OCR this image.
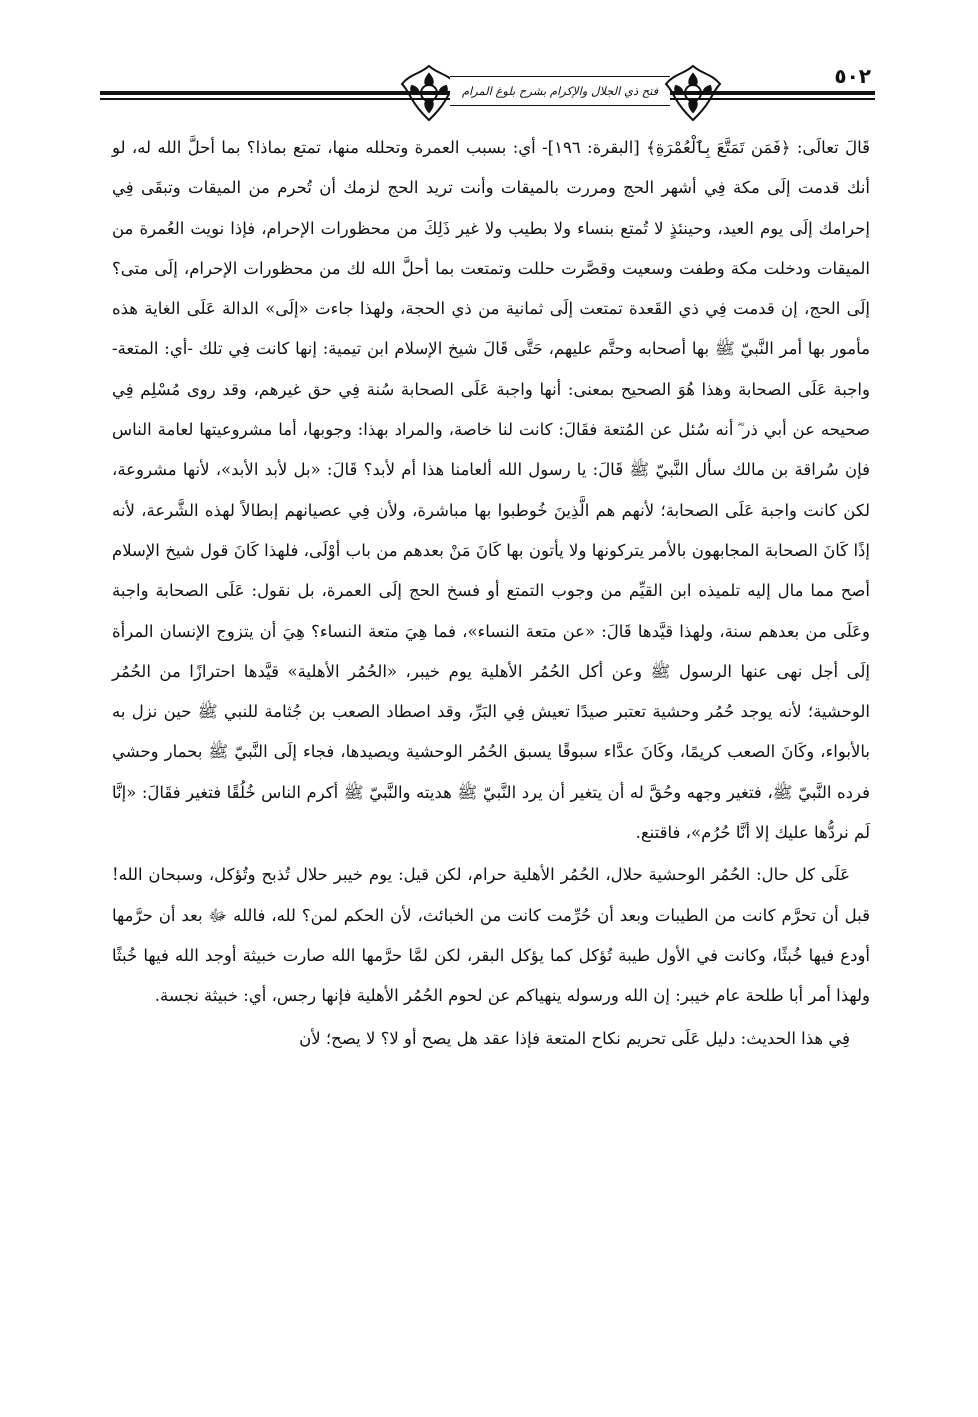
فتح ذي الجلال والإكرام بشرح بلوغ المرام
٥٠٢

قَالَ تعالَى: ﴿فَمَن تَمَتَّعَ بِٱلْعُمْرَةِ﴾ [البقرة: ١٩٦]- أي: بسبب العمرة وتحلله منها، تمتع بماذا؟ بما أحلَّ الله له، لو أنك قدمت إلَى مكة فِي أشهر الحج ومررت بالميقات وأنت تريد الحج لزمك أن تُحرم من الميقات وتبقَى فِي إحرامك إلَى يوم العيد، وحينئذٍ لا تُمتع بنساء ولا بطيب ولا غير ذَلِكَ من محظورات الإحرام، فإذا نويت العُمرة من الميقات ودخلت مكة وطفت وسعيت وقصَّرت حللت وتمتعت بما أحلَّ الله لك من محظورات الإحرام، إلَى متى؟ إلَى الحج، إن قدمت فِي ذي القَعدة تمتعت إلَى ثمانية من ذي الحجة، ولهذا جاءت «إلَى» الدالة عَلَى الغاية هذه مأمور بها أمر النَّبيّ ﷺ بها أصحابه وحتَّم عليهم، حَتَّى قَالَ شيخ الإسلام ابن تيمية: إنها كانت فِي تلك -أي: المتعة- واجبة عَلَى الصحابة وهذا هُوَ الصحيح بمعنى: أنها واجبة عَلَى الصحابة سُنة فِي حق غيرهم، وقد روى مُسْلِم فِي صحيحه عن أبي ذر ؓ أنه سُئل عن المُتعة فقَالَ: كانت لنا خاصة، والمراد بهذا: وجوبها، أما مشروعيتها لعامة الناس فإن سُراقة بن مالك سأل النَّبيّ ﷺ قَالَ: يا رسول الله ألعامنا هذا أم لأبد؟ قَالَ: «بل لأبد الأبد»، لأنها مشروعة، لكن كانت واجبة عَلَى الصحابة؛ لأنهم هم الَّذِينَ خُوطبوا بها مباشرة، ولأن فِي عصيانهم إبطالاً لهذه الشَّرعة، لأنه إذًا كَانَ الصحابة المجابهون بالأمر يتركونها ولا يأتون بها كَانَ مَنْ بعدهم من باب أوْلَى، فلهذا كَانَ قول شيخ الإسلام أصح مما مال إليه تلميذه ابن القيِّم من وجوب التمتع أو فسخ الحج إلَى العمرة، بل نقول: عَلَى الصحابة واجبة وعَلَى من بعدهم سنة، ولهذا قيَّدها قَالَ: «عن متعة النساء»، فما هِيَ متعة النساء؟ هِيَ أن يتزوج الإنسان المرأة إلَى أجل نهى عنها الرسول ﷺ وعن أكل الحُمُر الأهلية يوم خيبر، «الحُمُر الأهلية» قيَّدها احترازًا من الحُمُر الوحشية؛ لأنه يوجد حُمُر وحشية تعتبر صيدًا تعيش فِي البَرِّ، وقد اصطاد الصعب بن جُثامة للنبي ﷺ حين نزل به بالأبواء، وكَانَ الصعب كريمًا، وكَانَ عدَّاء سبوقًا يسبق الحُمُر الوحشية ويصيدها، فجاء إلَى النَّبيّ ﷺ بحمار وحشي فرده النَّبيّ ﷺ، فتغير وجهه وحُقَّ له أن يتغير أن يرد النَّبيّ ﷺ هديته والنَّبيّ ﷺ أكرم الناس خُلُقًا فتغير فقَالَ: «إنَّا لَم نردُّها عليك إلا أنَّا حُرُم»، فاقتنع.

عَلَى كل حال: الحُمُر الوحشية حلال، الحُمُر الأهلية حرام، لكن قيل: يوم خيبر حلال تُذبح وتُؤكل، وسبحان الله! قبل أن تحرَّم كانت من الطيبات وبعد أن حُرِّمت كانت من الخبائث، لأن الحكم لمن؟ لله، فالله ﷻ بعد أن حرَّمها أودع فيها خُبثًا، وكانت في الأول طيبة تُؤكل كما يؤكل البقر، لكن لمَّا حرَّمها الله صارت خبيثة أوجد الله فيها خُبثًا ولهذا أمر أبا طلحة عام خيبر: إن الله ورسوله ينهياكم عن لحوم الحُمُر الأهلية فإنها رجس، أي: خبيثة نجسة.

فِي هذا الحديث: دليل عَلَى تحريم نكاح المتعة فإذا عقد هل يصح أو لا؟ لا يصح؛ لأن
